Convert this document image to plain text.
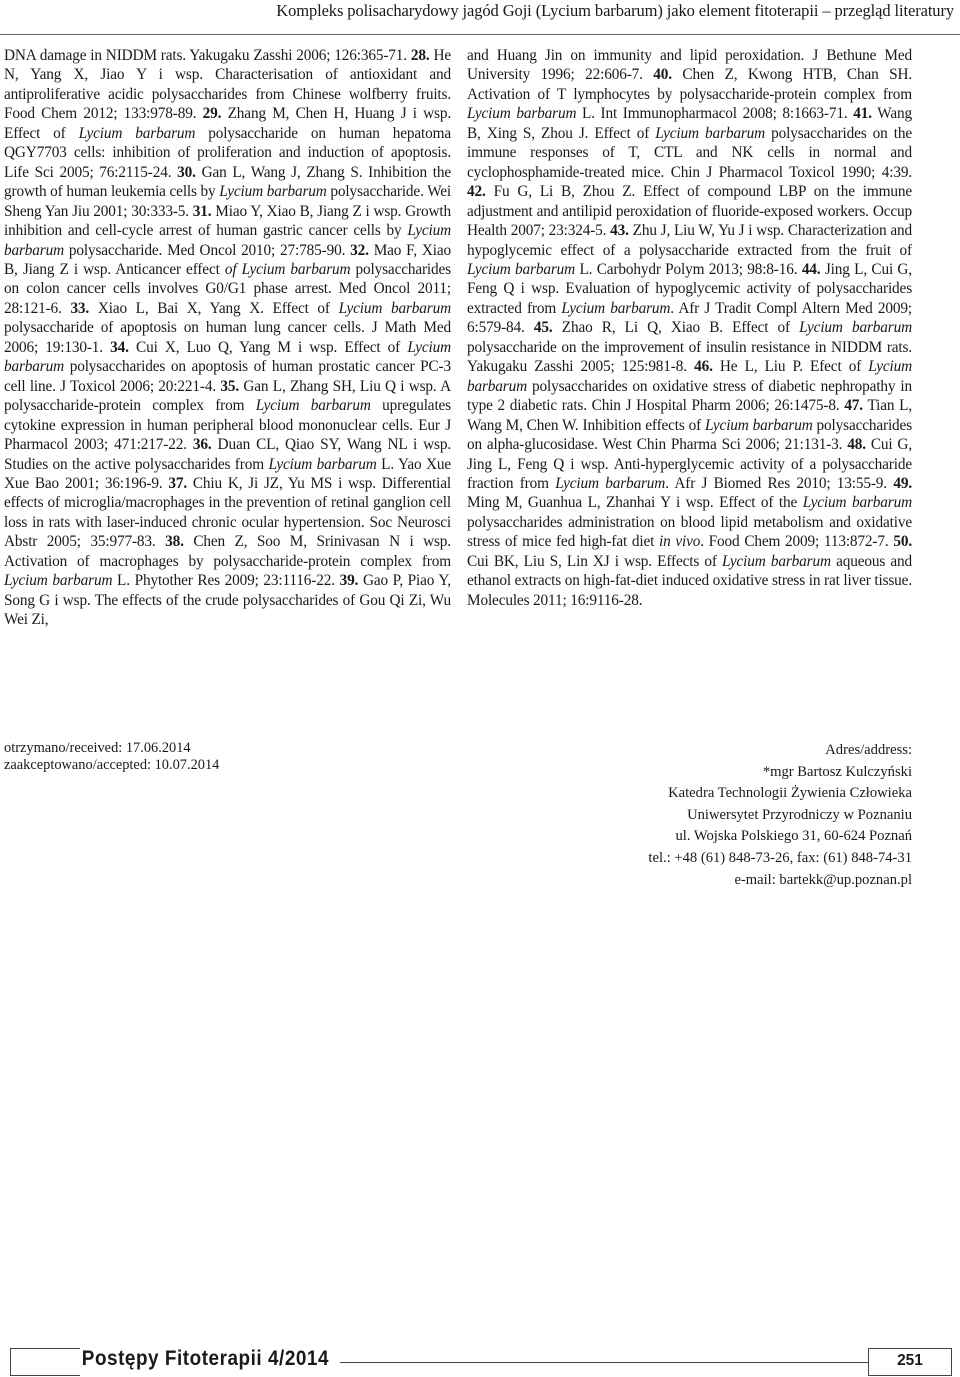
Kompleks polisacharydowy jagód Goji (Lycium barbarum) jako element fitoterapii – przegląd literatury

DNA damage in NIDDM rats. Yakugaku Zasshi 2006; 126:365-71. 28. He N, Yang X, Jiao Y i wsp. Characterisation of antioxidant and antiproliferative acidic polysaccharides from Chinese wolfberry fruits. Food Chem 2012; 133:978-89. 29. Zhang M, Chen H, Huang J i wsp. Effect of Lycium barbarum polysaccharide on human hepatoma QGY7703 cells: inhibition of proliferation and induction of apoptosis. Life Sci 2005; 76:2115-24. 30. Gan L, Wang J, Zhang S. Inhibition the growth of human leukemia cells by Lycium barbarum polysaccharide. Wei Sheng Yan Jiu 2001; 30:333-5. 31. Miao Y, Xiao B, Jiang Z i wsp. Growth inhibition and cell-cycle arrest of human gastric cancer cells by Lycium barbarum polysaccharide. Med Oncol 2010; 27:785-90. 32. Mao F, Xiao B, Jiang Z i wsp. Anticancer effect of Lycium barbarum polysaccharides on colon cancer cells involves G0/G1 phase arrest. Med Oncol 2011; 28:121-6. 33. Xiao L, Bai X, Yang X. Effect of Lycium barbarum polysaccharide of apoptosis on human lung cancer cells. J Math Med 2006; 19:130-1. 34. Cui X, Luo Q, Yang M i wsp. Effect of Lycium barbarum polysaccharides on apoptosis of human prostatic cancer PC-3 cell line. J Toxicol 2006; 20:221-4. 35. Gan L, Zhang SH, Liu Q i wsp. A polysaccharide-protein complex from Lycium barbarum upregulates cytokine expression in human peripheral blood mononuclear cells. Eur J Pharmacol 2003; 471:217-22. 36. Duan CL, Qiao SY, Wang NL i wsp. Studies on the active polysaccharides from Lycium barbarum L. Yao Xue Xue Bao 2001; 36:196-9. 37. Chiu K, Ji JZ, Yu MS i wsp. Differential effects of microglia/macrophages in the prevention of retinal ganglion cell loss in rats with laser-induced chronic ocular hypertension. Soc Neurosci Abstr 2005; 35:977-83. 38. Chen Z, Soo M, Srinivasan N i wsp. Activation of macrophages by polysaccharide-protein complex from Lycium barbarum L. Phytother Res 2009; 23:1116-22. 39. Gao P, Piao Y, Song G i wsp. The effects of the crude polysaccharides of Gou Qi Zi, Wu Wei Zi,

and Huang Jin on immunity and lipid peroxidation. J Bethune Med University 1996; 22:606-7. 40. Chen Z, Kwong HTB, Chan SH. Activation of T lymphocytes by polysaccharide-protein complex from Lycium barbarum L. Int Immunopharmacol 2008; 8:1663-71. 41. Wang B, Xing S, Zhou J. Effect of Lycium barbarum polysaccharides on the immune responses of T, CTL and NK cells in normal and cyclophosphamide-treated mice. Chin J Pharmacol Toxicol 1990; 4:39. 42. Fu G, Li B, Zhou Z. Effect of compound LBP on the immune adjustment and antilipid peroxidation of fluoride-exposed workers. Occup Health 2007; 23:324-5. 43. Zhu J, Liu W, Yu J i wsp. Characterization and hypoglycemic effect of a polysaccharide extracted from the fruit of Lycium barbarum L. Carbohydr Polym 2013; 98:8-16. 44. Jing L, Cui G, Feng Q i wsp. Evaluation of hypoglycemic activity of polysaccharides extracted from Lycium barbarum. Afr J Tradit Compl Altern Med 2009; 6:579-84. 45. Zhao R, Li Q, Xiao B. Effect of Lycium barbarum polysaccharide on the improvement of insulin resistance in NIDDM rats. Yakugaku Zasshi 2005; 125:981-8. 46. He L, Liu P. Efect of Lycium barbarum polysaccharides on oxidative stress of diabetic nephropathy in type 2 diabetic rats. Chin J Hospital Pharm 2006; 26:1475-8. 47. Tian L, Wang M, Chen W. Inhibition effects of Lycium barbarum polysaccharides on alpha-glucosidase. West Chin Pharma Sci 2006; 21:131-3. 48. Cui G, Jing L, Feng Q i wsp. Anti-hyperglycemic activity of a polysaccharide fraction from Lycium barbarum. Afr J Biomed Res 2010; 13:55-9. 49. Ming M, Guanhua L, Zhanhai Y i wsp. Effect of the Lycium barbarum polysaccharides administration on blood lipid metabolism and oxidative stress of mice fed high-fat diet in vivo. Food Chem 2009; 113:872-7. 50. Cui BK, Liu S, Lin XJ i wsp. Effects of Lycium barbarum aqueous and ethanol extracts on high-fat-diet induced oxidative stress in rat liver tissue. Molecules 2011; 16:9116-28.

otrzymano/received: 17.06.2014
zaakceptowano/accepted: 10.07.2014
Adres/address:
*mgr Bartosz Kulczyński
Katedra Technologii Żywienia Człowieka
Uniwersytet Przyrodniczy w Poznaniu
ul. Wojska Polskiego 31, 60-624 Poznań
tel.: +48 (61) 848-73-26, fax: (61) 848-74-31
e-mail: bartekk@up.poznan.pl
Postępy Fitoterapii 4/2014	251
